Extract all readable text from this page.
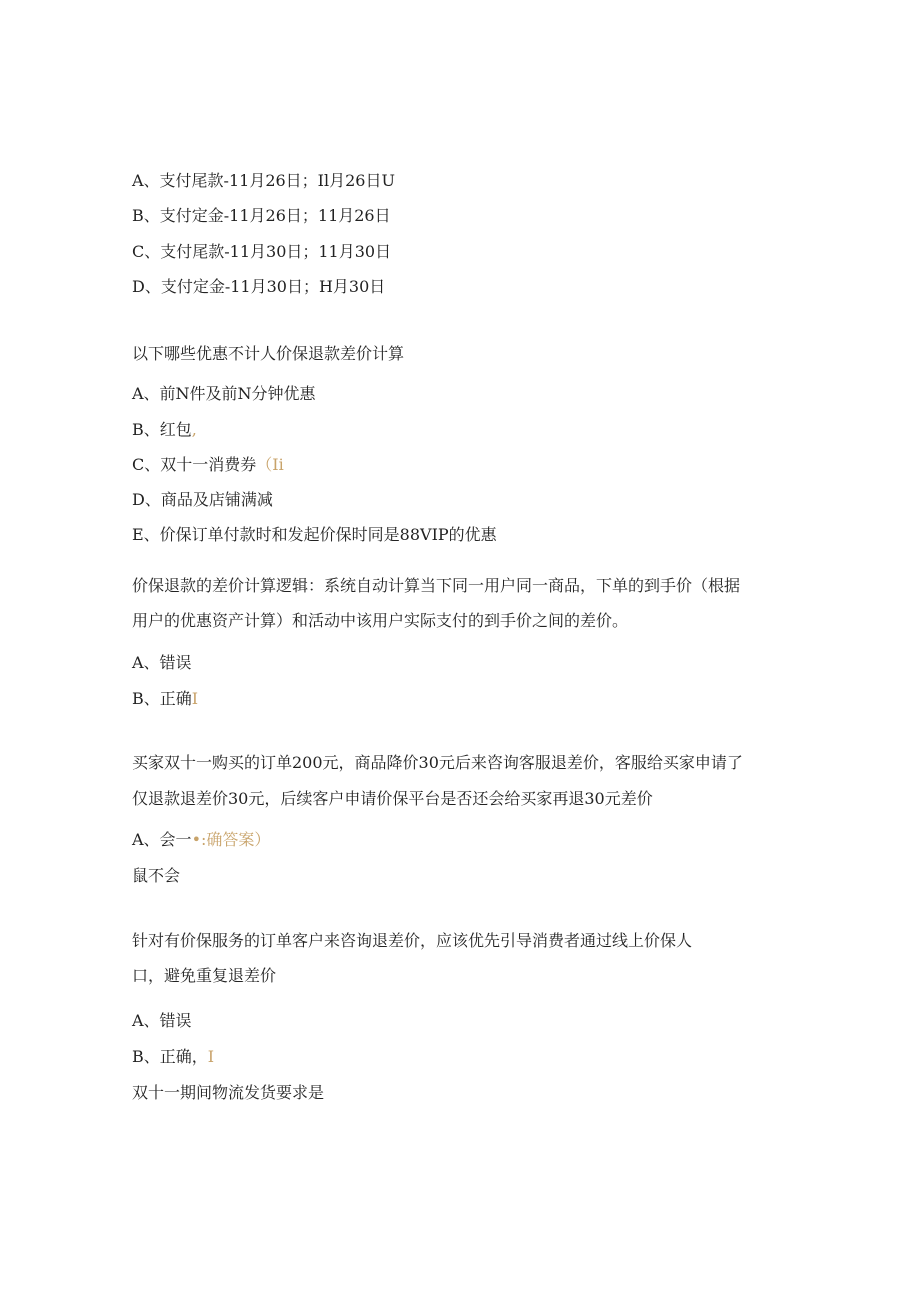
A、支付尾款-11月26日；Il月26日U
B、支付定金-11月26日；11月26日
C、支付尾款-11月30日；11月30日
D、支付定金-11月30日；H月30日
以下哪些优惠不计人价保退款差价计算
A、前N件及前N分钟优惠
B、红包,
C、双十一消费券（Ii
D、商品及店铺满减
E、价保订单付款时和发起价保时同是88VIP的优惠
价保退款的差价计算逻辑：系统自动计算当下同一用户同一商品，下单的到手价（根据
用户的优惠资产计算）和活动中该用户实际支付的到手价之间的差价。
A、错误
B、正确I
买家双十一购买的订单200元，商品降价30元后来咨询客服退差价，客服给买家申请了
仅退款退差价30元，后续客户申请价保平台是否还会给买家再退30元差价
A、会一•:确答案）
鼠不会
针对有价保服务的订单客户来咨询退差价，应该优先引导消费者通过线上价保人
口，避免重复退差价
A、错误
B、正确，I
双十一期间物流发货要求是
